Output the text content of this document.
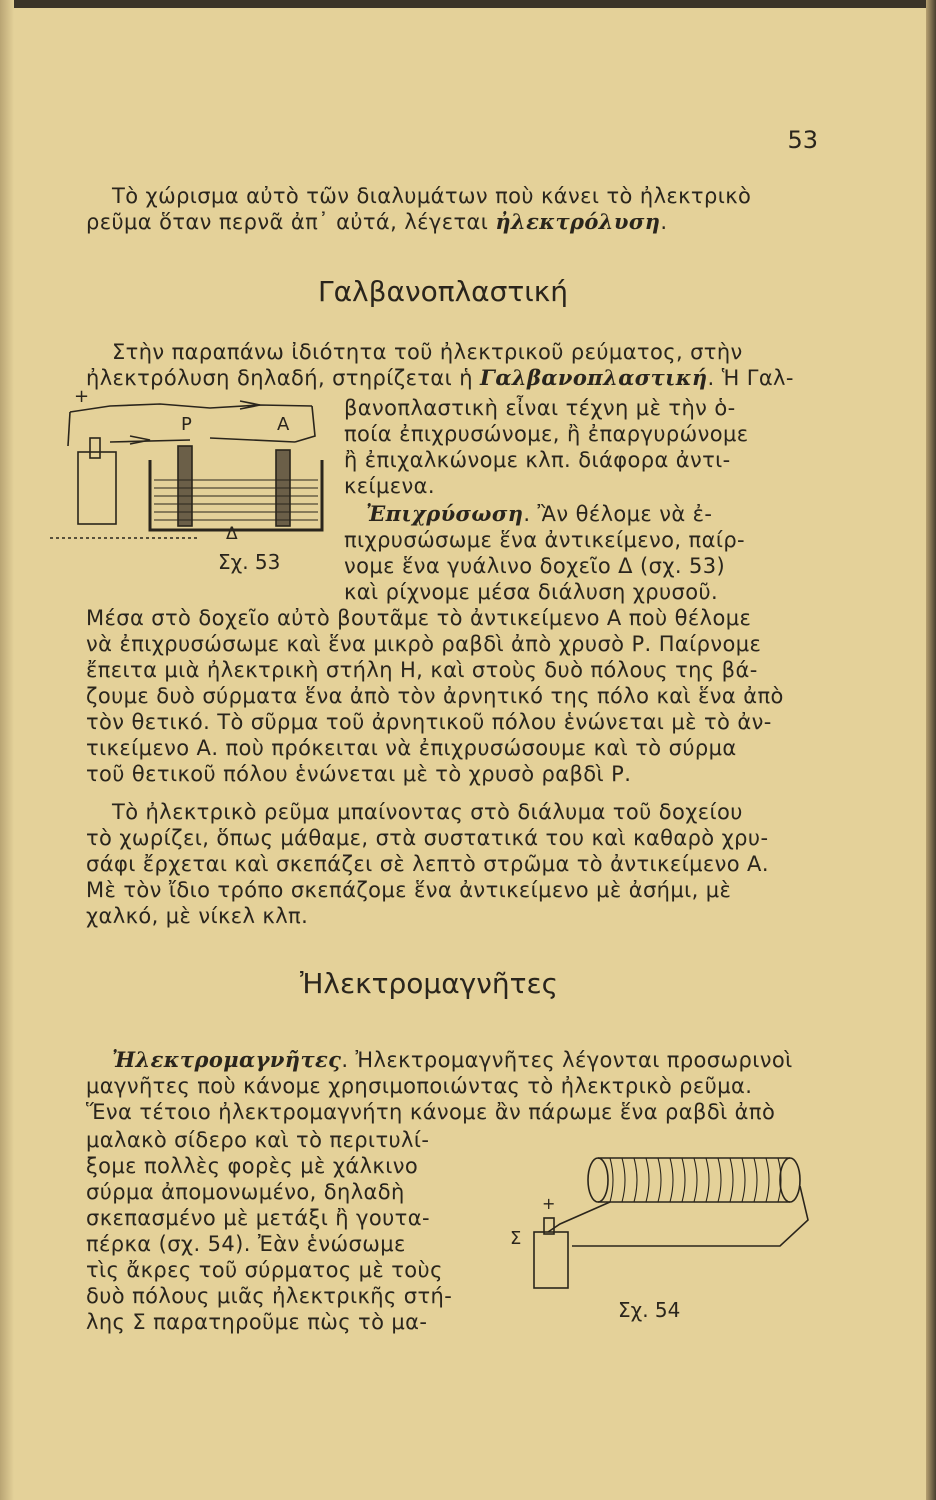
53
Τὸ χώρισμα αὐτὸ τῶν διαλυμάτων ποὺ κάνει τὸ ἠλεκτρικὸ
ρεῦμα ὅταν περνᾶ ἀπ᾽ αὐτά, λέγεται ἠλεκτρόλυση.
Γαλβανοπλαστική
Στὴν παραπάνω ἰδιότητα τοῦ ἠλεκτρικοῦ ρεύματος, στὴν
ἠλεκτρόλυση δηλαδή, στηρίζεται ἡ Γαλβανοπλαστική. Ἡ Γαλ-
βανοπλαστικὴ εἶναι τέχνη μὲ τὴν ὁ-
ποία ἐπιχρυσώνομε, ἢ ἐπαργυρώνομε
ἢ ἐπιχαλκώνομε κλπ. διάφορα ἀντι-
κείμενα.
Ἐπιχρύσωση. Ἂν θέλομε νὰ ἐ-
πιχρυσώσωμε ἕνα ἀντικείμενο, παίρ-
νομε ἕνα γυάλινο δοχεῖο Δ (σχ. 53)
καὶ ρίχνομε μέσα διάλυση χρυσοῦ.
Μέσα στὸ δοχεῖο αὐτὸ βουτᾶμε τὸ ἀντικείμενο Α ποὺ θέλομε
νὰ ἐπιχρυσώσωμε καὶ ἕνα μικρὸ ραβδὶ ἀπὸ χρυσὸ Ρ. Παίρνομε
ἔπειτα μιὰ ἠλεκτρικὴ στήλη Η, καὶ στοὺς δυὸ πόλους της βά-
ζουμε δυὸ σύρματα ἕνα ἀπὸ τὸν ἀρνητικό της πόλο καὶ ἕνα ἀπὸ
τὸν θετικό. Τὸ σῦρμα τοῦ ἀρνητικοῦ πόλου ἑνώνεται μὲ τὸ ἀν-
τικείμενο Α. ποὺ πρόκειται νὰ ἐπιχρυσώσουμε καὶ τὸ σύρμα
τοῦ θετικοῦ πόλου ἑνώνεται μὲ τὸ χρυσὸ ραβδὶ Ρ.
Τὸ ἠλεκτρικὸ ρεῦμα μπαίνοντας στὸ διάλυμα τοῦ δοχείου
τὸ χωρίζει, ὅπως μάθαμε, στὰ συστατικά του καὶ καθαρὸ χρυ-
σάφι ἔρχεται καὶ σκεπάζει σὲ λεπτὸ στρῶμα τὸ ἀντικείμενο Α.
Μὲ τὸν ἴδιο τρόπο σκεπάζομε ἕνα ἀντικείμενο μὲ ἀσήμι, μὲ
χαλκό, μὲ νίκελ κλπ.
+
P	A
Δ
Σχ. 53
Ἠλεκτρομαγνῆτες
Ἠλεκτρομαγνῆτες. Ἠλεκτρομαγνῆτες λέγονται προσωρινοὶ
μαγνῆτες ποὺ κάνομε χρησιμοποιώντας τὸ ἠλεκτρικὸ ρεῦμα.
Ἕνα τέτοιο ἠλεκτρομαγνήτη κάνομε ἂν πάρωμε ἕνα ραβδὶ ἀπὸ
μαλακὸ σίδερο καὶ τὸ περιτυλί-
ξομε πολλὲς φορὲς μὲ χάλκινο
σύρμα ἀπομονωμένο, δηλαδὴ
σκεπασμένο μὲ μετάξι ἢ γουτα-
πέρκα (σχ. 54). Ἐὰν ἑνώσωμε
τὶς ἄκρες τοῦ σύρματος μὲ τοὺς
δυὸ πόλους μιᾶς ἠλεκτρικῆς στή-
λης Σ παρατηροῦμε πὼς τὸ μα-
+
Σ
Σχ. 54
